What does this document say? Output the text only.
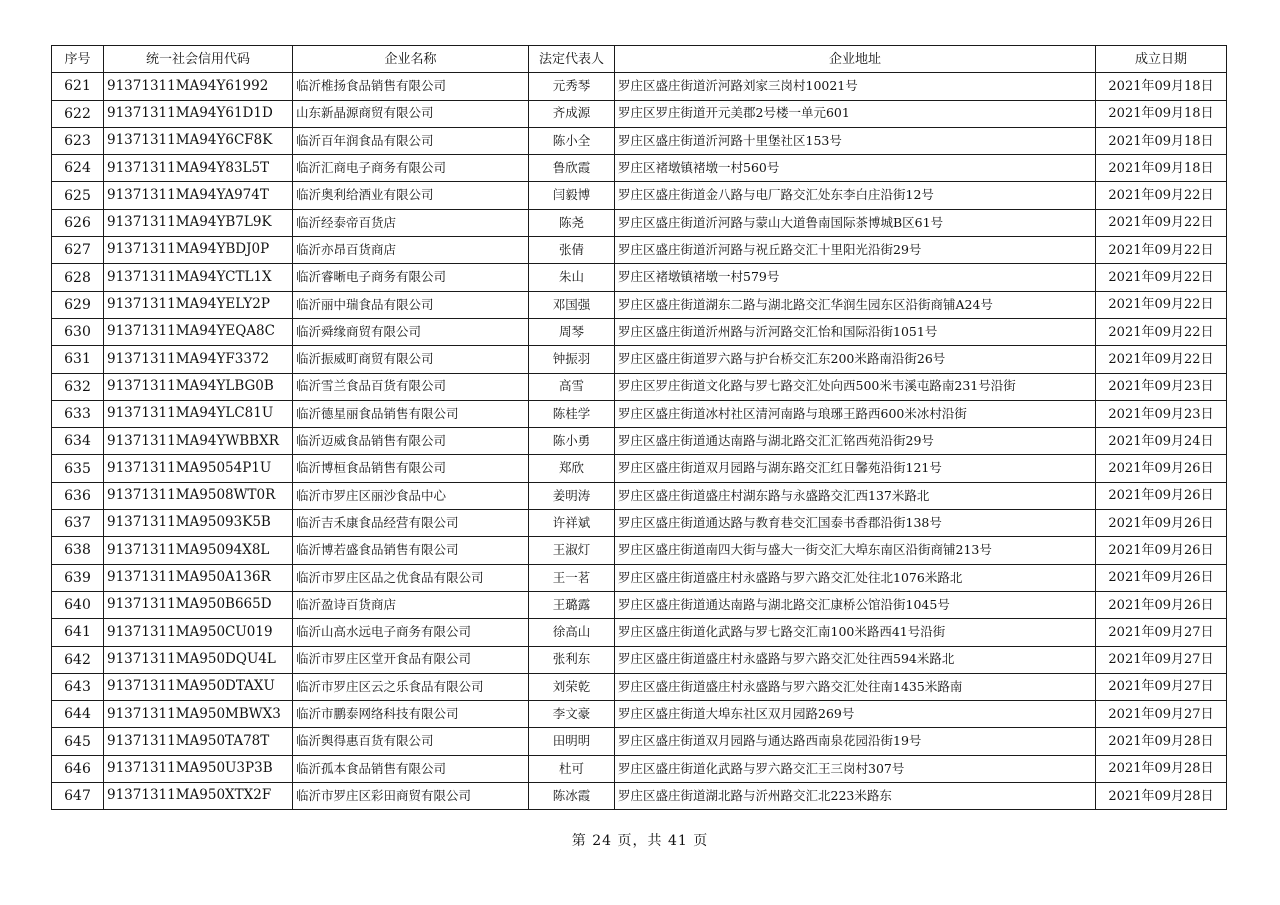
序号	统一社会信用代码	企业名称	法定代表人	企业地址	成立日期
621	91371311MA94Y61992	临沂椎扬食品销售有限公司	元秀琴	罗庄区盛庄街道沂河路刘家三岗村10021号	2021年09月18日
622	91371311MA94Y61D1D	山东新晶源商贸有限公司	齐成源	罗庄区罗庄街道开元美郡2号楼一单元601	2021年09月18日
623	91371311MA94Y6CF8K	临沂百年润食品有限公司	陈小全	罗庄区盛庄街道沂河路十里堡社区153号	2021年09月18日
624	91371311MA94Y83L5T	临沂汇商电子商务有限公司	鲁欣霞	罗庄区褚墩镇褚墩一村560号	2021年09月18日
625	91371311MA94YA974T	临沂奥利给酒业有限公司	闫毅博	罗庄区盛庄街道金八路与电厂路交汇处东李白庄沿街12号	2021年09月22日
626	91371311MA94YB7L9K	临沂经泰帝百货店	陈尧	罗庄区盛庄街道沂河路与蒙山大道鲁南国际茶博城B区61号	2021年09月22日
627	91371311MA94YBDJ0P	临沂亦昂百货商店	张倩	罗庄区盛庄街道沂河路与祝丘路交汇十里阳光沿街29号	2021年09月22日
628	91371311MA94YCTL1X	临沂睿晰电子商务有限公司	朱山	罗庄区褚墩镇褚墩一村579号	2021年09月22日
629	91371311MA94YELY2P	临沂丽中瑞食品有限公司	邓国强	罗庄区盛庄街道湖东二路与湖北路交汇华润生园东区沿街商铺A24号	2021年09月22日
630	91371311MA94YEQA8C	临沂舜缘商贸有限公司	周琴	罗庄区盛庄街道沂州路与沂河路交汇怡和国际沿街1051号	2021年09月22日
631	91371311MA94YF3372	临沂振威町商贸有限公司	钟振羽	罗庄区盛庄街道罗六路与护台桥交汇东200米路南沿街26号	2021年09月22日
632	91371311MA94YLBG0B	临沂雪兰食品百货有限公司	高雪	罗庄区罗庄街道文化路与罗七路交汇处向西500米韦溪屯路南231号沿街	2021年09月23日
633	91371311MA94YLC81U	临沂德星丽食品销售有限公司	陈桂学	罗庄区盛庄街道冰村社区清河南路与琅琊王路西600米冰村沿街	2021年09月23日
634	91371311MA94YWBBXR	临沂迈威食品销售有限公司	陈小勇	罗庄区盛庄街道通达南路与湖北路交汇汇铭西苑沿街29号	2021年09月24日
635	91371311MA95054P1U	临沂博桓食品销售有限公司	郑欣	罗庄区盛庄街道双月园路与湖东路交汇红日馨苑沿街121号	2021年09月26日
636	91371311MA9508WT0R	临沂市罗庄区丽沙食品中心	姜明涛	罗庄区盛庄街道盛庄村湖东路与永盛路交汇西137米路北	2021年09月26日
637	91371311MA95093K5B	临沂吉禾康食品经营有限公司	许祥斌	罗庄区盛庄街道通达路与教育巷交汇国泰书香郡沿街138号	2021年09月26日
638	91371311MA95094X8L	临沂博若盛食品销售有限公司	王淑灯	罗庄区盛庄街道南四大街与盛大一街交汇大埠东南区沿街商铺213号	2021年09月26日
639	91371311MA950A136R	临沂市罗庄区品之优食品有限公司	王一茗	罗庄区盛庄街道盛庄村永盛路与罗六路交汇处往北1076米路北	2021年09月26日
640	91371311MA950B665D	临沂盈诗百货商店	王璐露	罗庄区盛庄街道通达南路与湖北路交汇康桥公馆沿街1045号	2021年09月26日
641	91371311MA950CU019	临沂山高水远电子商务有限公司	徐高山	罗庄区盛庄街道化武路与罗七路交汇南100米路西41号沿街	2021年09月27日
642	91371311MA950DQU4L	临沂市罗庄区堂开食品有限公司	张利东	罗庄区盛庄街道盛庄村永盛路与罗六路交汇处往西594米路北	2021年09月27日
643	91371311MA950DTAXU	临沂市罗庄区云之乐食品有限公司	刘荣乾	罗庄区盛庄街道盛庄村永盛路与罗六路交汇处往南1435米路南	2021年09月27日
644	91371311MA950MBWX3	临沂市鹏泰网络科技有限公司	李文豪	罗庄区盛庄街道大埠东社区双月园路269号	2021年09月27日
645	91371311MA950TA78T	临沂舆得惠百货有限公司	田明明	罗庄区盛庄街道双月园路与通达路西南泉花园沿街19号	2021年09月28日
646	91371311MA950U3P3B	临沂孤本食品销售有限公司	杜可	罗庄区盛庄街道化武路与罗六路交汇王三岗村307号	2021年09月28日
647	91371311MA950XTX2F	临沂市罗庄区彩田商贸有限公司	陈冰霞	罗庄区盛庄街道湖北路与沂州路交汇北223米路东	2021年09月28日
第 24 页，共 41 页
